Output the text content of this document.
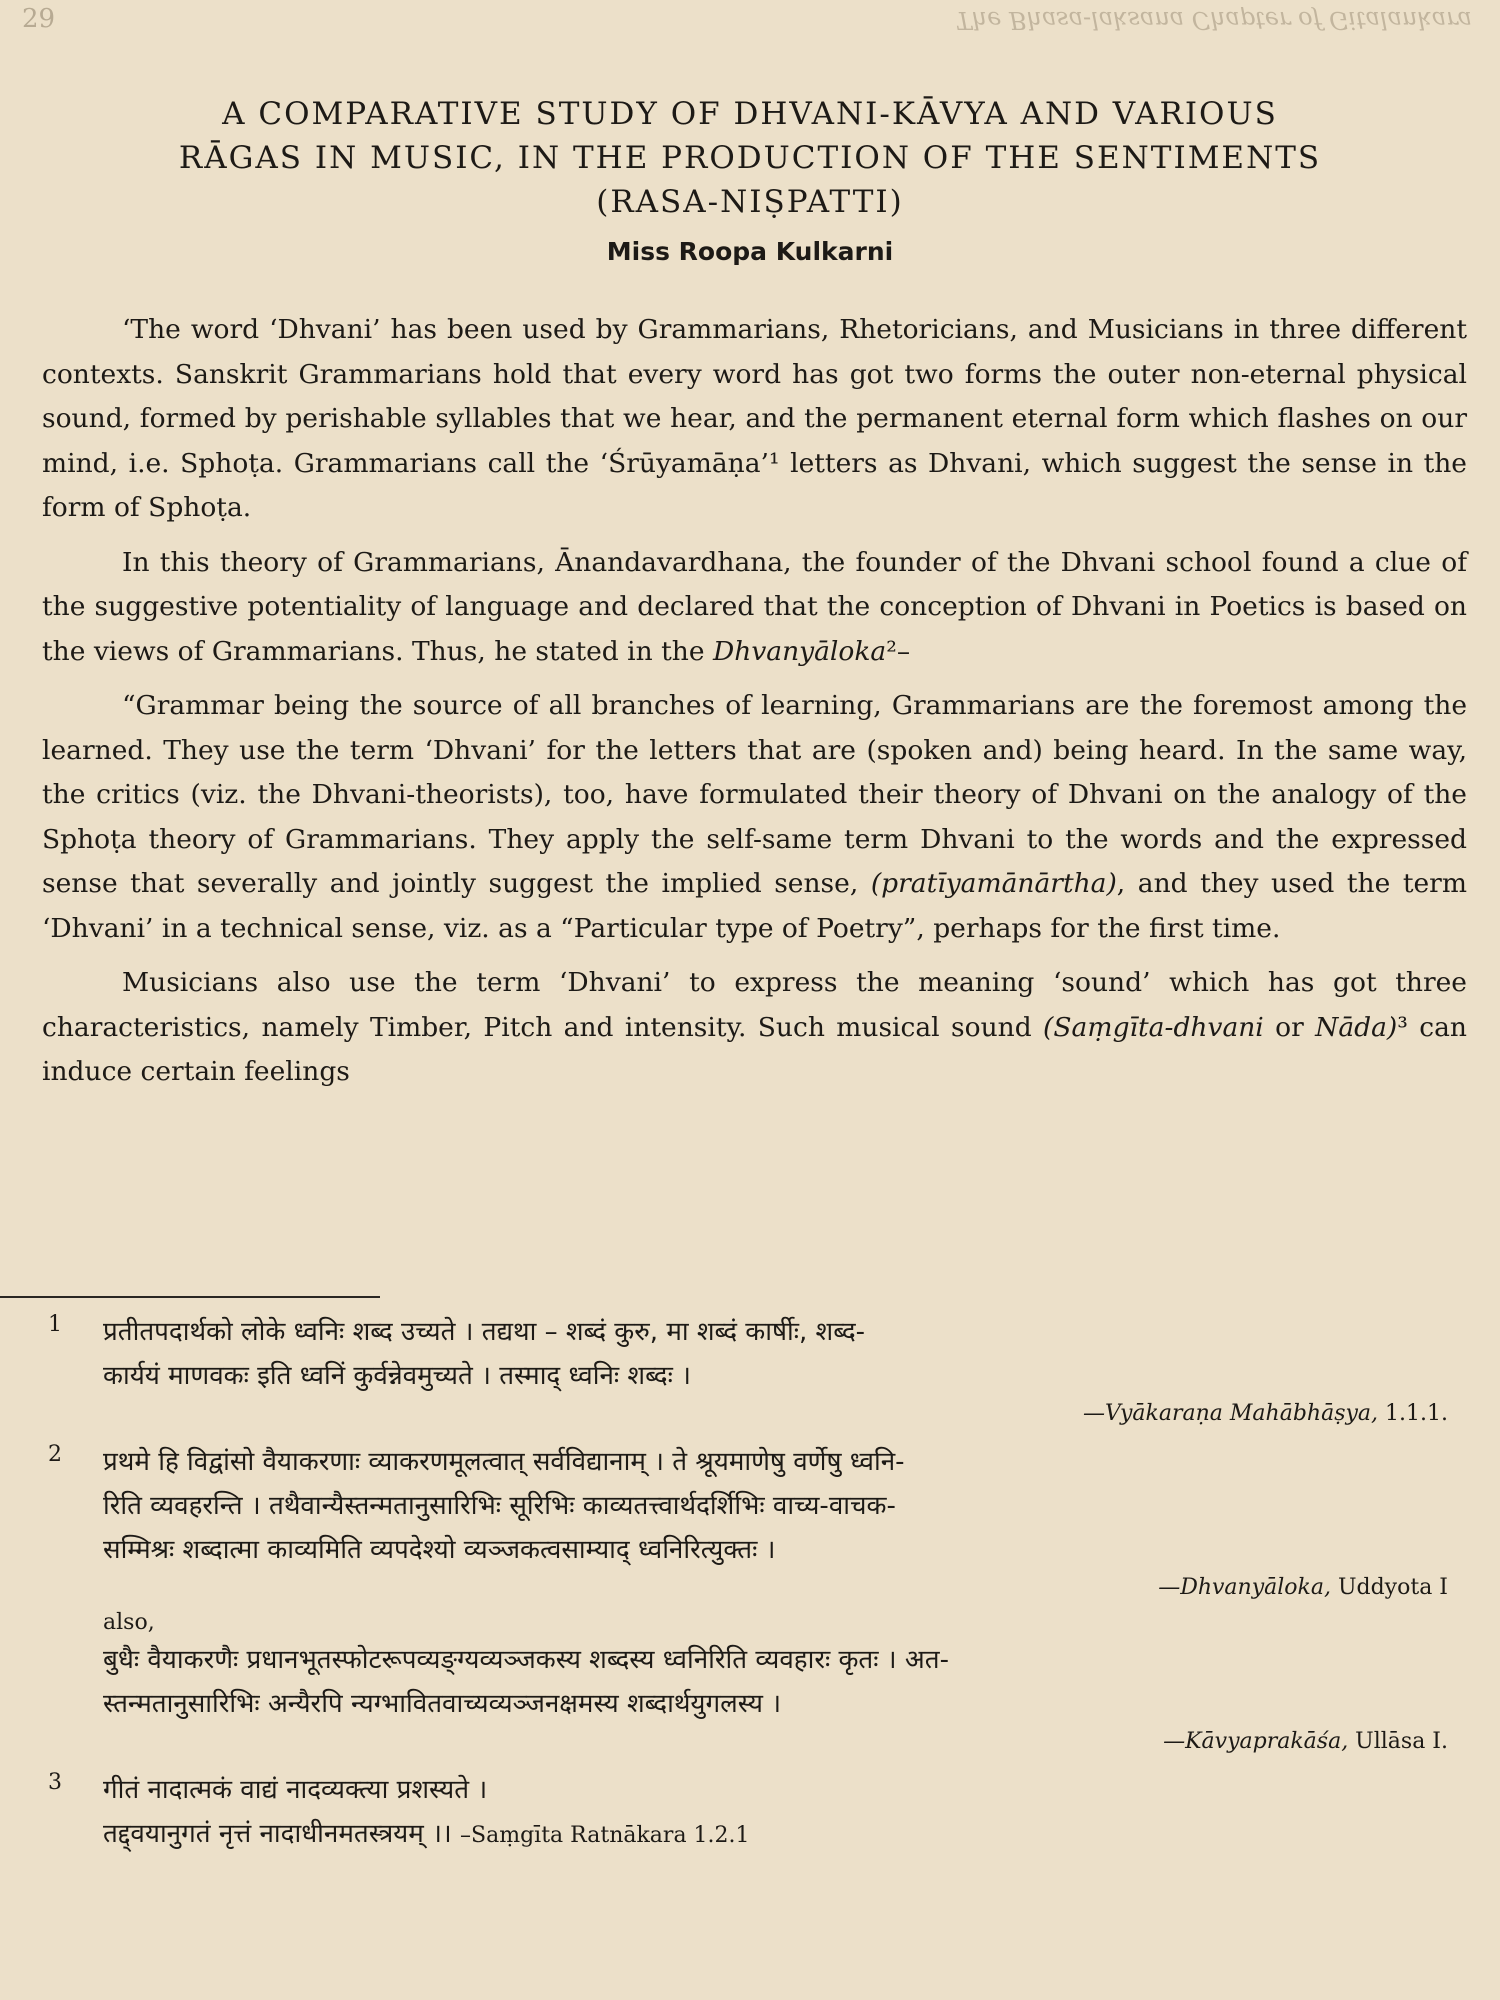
29	The Bhasa-laksana Chapter of Gitalankara
A COMPARATIVE STUDY OF DHVANI-KĀVYA AND VARIOUS
RĀGAS IN MUSIC, IN THE PRODUCTION OF THE SENTIMENTS
(RASA-NIṢPATTI)
Miss Roopa Kulkarni

‘The word ‘Dhvani’ has been used by Grammarians, Rhetoricians, and Musicians in three different contexts. Sanskrit Grammarians hold that every word has got two forms the outer non-eternal physical sound, formed by perishable syllables that we hear, and the permanent eternal form which flashes on our mind, i.e. Sphoṭa. Grammarians call the ‘Śrūyamāṇa’¹ letters as Dhvani, which suggest the sense in the form of Sphoṭa.

In this theory of Grammarians, Ānandavardhana, the founder of the Dhvani school found a clue of the suggestive potentiality of language and declared that the conception of Dhvani in Poetics is based on the views of Grammarians. Thus, he stated in the Dhvanyāloka²–

“Grammar being the source of all branches of learning, Grammarians are the foremost among the learned. They use the term ‘Dhvani’ for the letters that are (spoken and) being heard. In the same way, the critics (viz. the Dhvani-theorists), too, have formulated their theory of Dhvani on the analogy of the Sphoṭa theory of Grammarians. They apply the self-same term Dhvani to the words and the expressed sense that severally and jointly suggest the implied sense, (pratīyamānārtha), and they used the term ‘Dhvani’ in a technical sense, viz. as a “Particular type of Poetry”, perhaps for the first time.

Musicians also use the term ‘Dhvani’ to express the meaning ‘sound’ which has got three characteristics, namely Timber, Pitch and intensity. Such musical sound (Saṃgīta-dhvani or Nāda)³ can induce certain feelings

1 प्रतीतपदार्थको लोके ध्वनिः शब्द उच्यते । तद्यथा – शब्दं कुरु, मा शब्दं कार्षीः, शब्द-
कार्ययं माणवकः इति ध्वनिं कुर्वन्नेवमुच्यते । तस्माद् ध्वनिः शब्दः ।
—Vyākaraṇa Mahābhāṣya, 1.1.1.
2 प्रथमे हि विद्वांसो वैयाकरणाः व्याकरणमूलत्वात् सर्वविद्यानाम् । ते श्रूयमाणेषु वर्णेषु ध्वनि-
रिति व्यवहरन्ति । तथैवान्यैस्तन्मतानुसारिभिः सूरिभिः काव्यतत्त्वार्थदर्शिभिः वाच्य-वाचक-
सम्मिश्रः शब्दात्मा काव्यमिति व्यपदेश्यो व्यञ्जकत्वसाम्याद् ध्वनिरित्युक्तः ।
—Dhvanyāloka, Uddyota I
also,
बुधैः वैयाकरणैः प्रधानभूतस्फोटरूपव्यङ्ग्यव्यञ्जकस्य शब्दस्य ध्वनिरिति व्यवहारः कृतः । अत-
स्तन्मतानुसारिभिः अन्यैरपि न्यग्भावितवाच्यव्यञ्जनक्षमस्य शब्दार्थयुगलस्य ।
—Kāvyaprakāśa, Ullāsa I.
3 गीतं नादात्मकं वाद्यं नादव्यक्त्या प्रशस्यते ।
तद्द्वयानुगतं नृत्तं नादाधीनमतस्त्रयम् ।। –Saṃgīta Ratnākara 1.2.1
